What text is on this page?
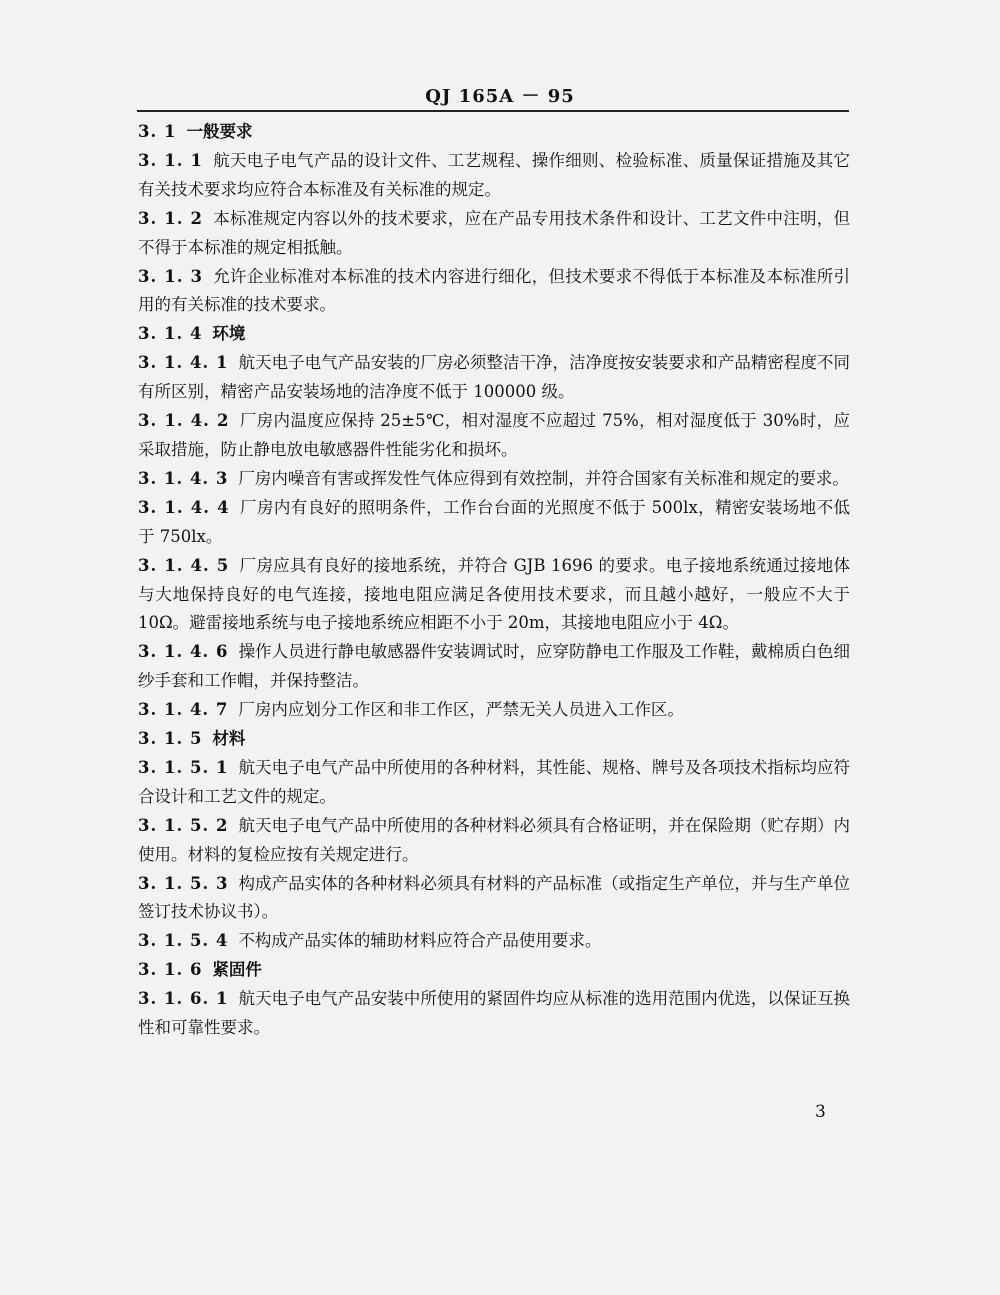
QJ 165A － 95

3. 1 一般要求

3. 1. 1 航天电子电气产品的设计文件、工艺规程、操作细则、检验标准、质量保证措施及其它有关技术要求均应符合本标准及有关标准的规定。

3. 1. 2 本标准规定内容以外的技术要求，应在产品专用技术条件和设计、工艺文件中注明，但不得于本标准的规定相抵触。

3. 1. 3 允许企业标准对本标准的技术内容进行细化，但技术要求不得低于本标准及本标准所引用的有关标准的技术要求。

3. 1. 4 环境

3. 1. 4. 1 航天电子电气产品安装的厂房必须整洁干净，洁净度按安装要求和产品精密程度不同有所区别，精密产品安装场地的洁净度不低于 100000 级。

3. 1. 4. 2 厂房内温度应保持 25±5℃，相对湿度不应超过 75%，相对湿度低于 30%时，应采取措施，防止静电放电敏感器件性能劣化和损坏。

3. 1. 4. 3 厂房内噪音有害或挥发性气体应得到有效控制，并符合国家有关标准和规定的要求。

3. 1. 4. 4 厂房内有良好的照明条件，工作台台面的光照度不低于 500lx，精密安装场地不低于 750lx。

3. 1. 4. 5 厂房应具有良好的接地系统，并符合 GJB 1696 的要求。电子接地系统通过接地体与大地保持良好的电气连接，接地电阻应满足各使用技术要求，而且越小越好，一般应不大于 10Ω。避雷接地系统与电子接地系统应相距不小于 20m，其接地电阻应小于 4Ω。

3. 1. 4. 6 操作人员进行静电敏感器件安装调试时，应穿防静电工作服及工作鞋，戴棉质白色细纱手套和工作帽，并保持整洁。

3. 1. 4. 7 厂房内应划分工作区和非工作区，严禁无关人员进入工作区。

3. 1. 5 材料

3. 1. 5. 1 航天电子电气产品中所使用的各种材料，其性能、规格、牌号及各项技术指标均应符合设计和工艺文件的规定。

3. 1. 5. 2 航天电子电气产品中所使用的各种材料必须具有合格证明，并在保险期（贮存期）内使用。材料的复检应按有关规定进行。

3. 1. 5. 3 构成产品实体的各种材料必须具有材料的产品标准（或指定生产单位，并与生产单位签订技术协议书）。

3. 1. 5. 4 不构成产品实体的辅助材料应符合产品使用要求。

3. 1. 6 紧固件

3. 1. 6. 1 航天电子电气产品安装中所使用的紧固件均应从标准的选用范围内优选，以保证互换性和可靠性要求。

3
